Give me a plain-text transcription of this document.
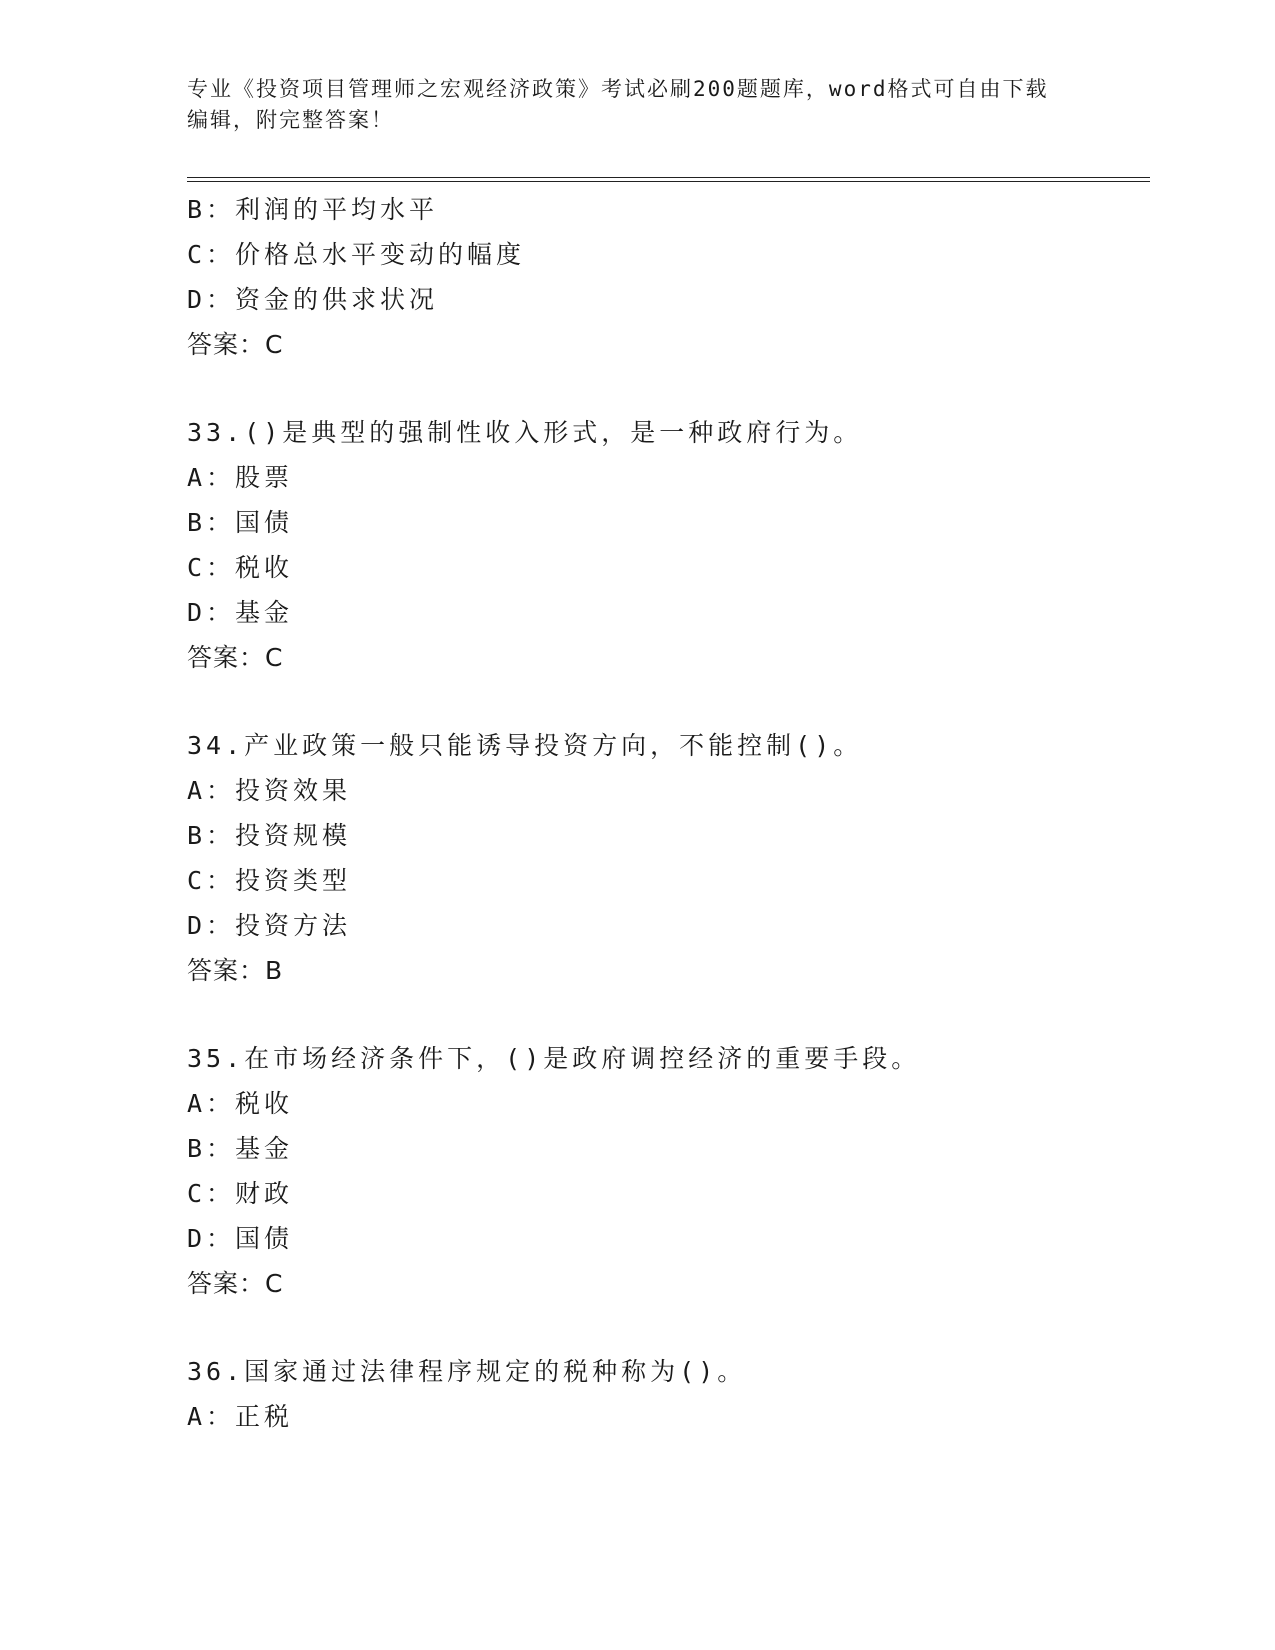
专业《投资项目管理师之宏观经济政策》考试必刷200题题库，word格式可自由下载编辑，附完整答案！
B：利润的平均水平
C：价格总水平变动的幅度
D：资金的供求状况
答案：C
33.()是典型的强制性收入形式，是一种政府行为。
A：股票
B：国债
C：税收
D：基金
答案：C
34.产业政策一般只能诱导投资方向，不能控制()。
A：投资效果
B：投资规模
C：投资类型
D：投资方法
答案：B
35.在市场经济条件下，()是政府调控经济的重要手段。
A：税收
B：基金
C：财政
D：国债
答案：C
36.国家通过法律程序规定的税种称为()。
A：正税
